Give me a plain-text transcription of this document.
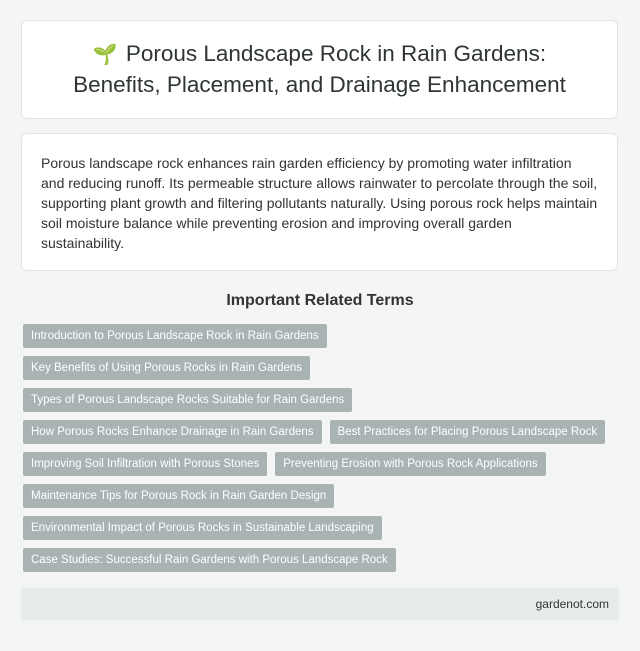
🌱 Porous Landscape Rock in Rain Gardens:
Benefits, Placement, and Drainage Enhancement

Porous landscape rock enhances rain garden efficiency by promoting water infiltration and reducing runoff. Its permeable structure allows rainwater to percolate through the soil, supporting plant growth and filtering pollutants naturally. Using porous rock helps maintain soil moisture balance while preventing erosion and improving overall garden sustainability.

Important Related Terms
Introduction to Porous Landscape Rock in Rain Gardens
Key Benefits of Using Porous Rocks in Rain Gardens
Types of Porous Landscape Rocks Suitable for Rain Gardens
How Porous Rocks Enhance Drainage in Rain Gardens	Best Practices for Placing Porous Landscape Rock
Improving Soil Infiltration with Porous Stones	Preventing Erosion with Porous Rock Applications
Maintenance Tips for Porous Rock in Rain Garden Design
Environmental Impact of Porous Rocks in Sustainable Landscaping
Case Studies: Successful Rain Gardens with Porous Landscape Rock
gardenot.com
